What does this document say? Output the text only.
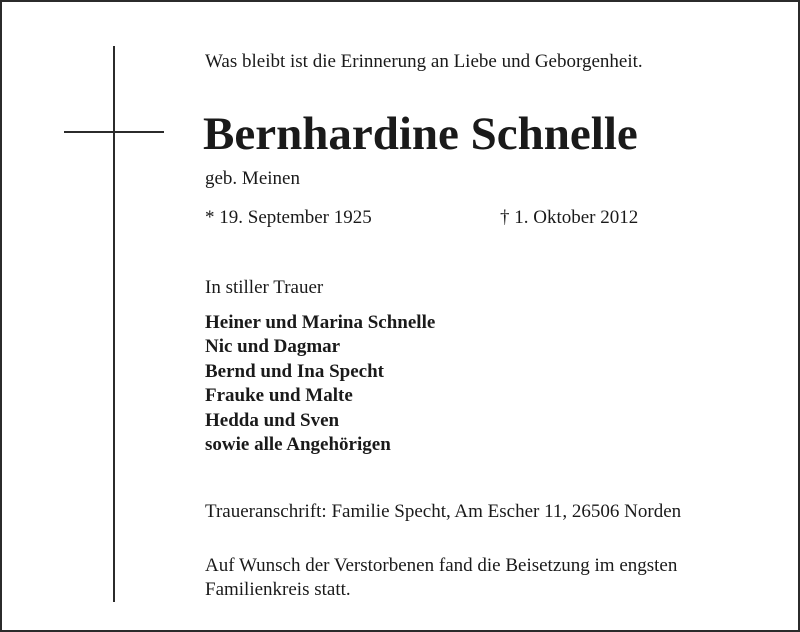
Was bleibt ist die Erinnerung an Liebe und Geborgenheit.
Bernhardine Schnelle
geb. Meinen
* 19. September 1925	† 1. Oktober 2012
In stiller Trauer
Heiner und Marina Schnelle
Nic und Dagmar
Bernd und Ina Specht
Frauke und Malte
Hedda und Sven
sowie alle Angehörigen
Traueranschrift: Familie Specht, Am Escher 11, 26506 Norden
Auf Wunsch der Verstorbenen fand die Beisetzung im engsten
Familienkreis statt.
